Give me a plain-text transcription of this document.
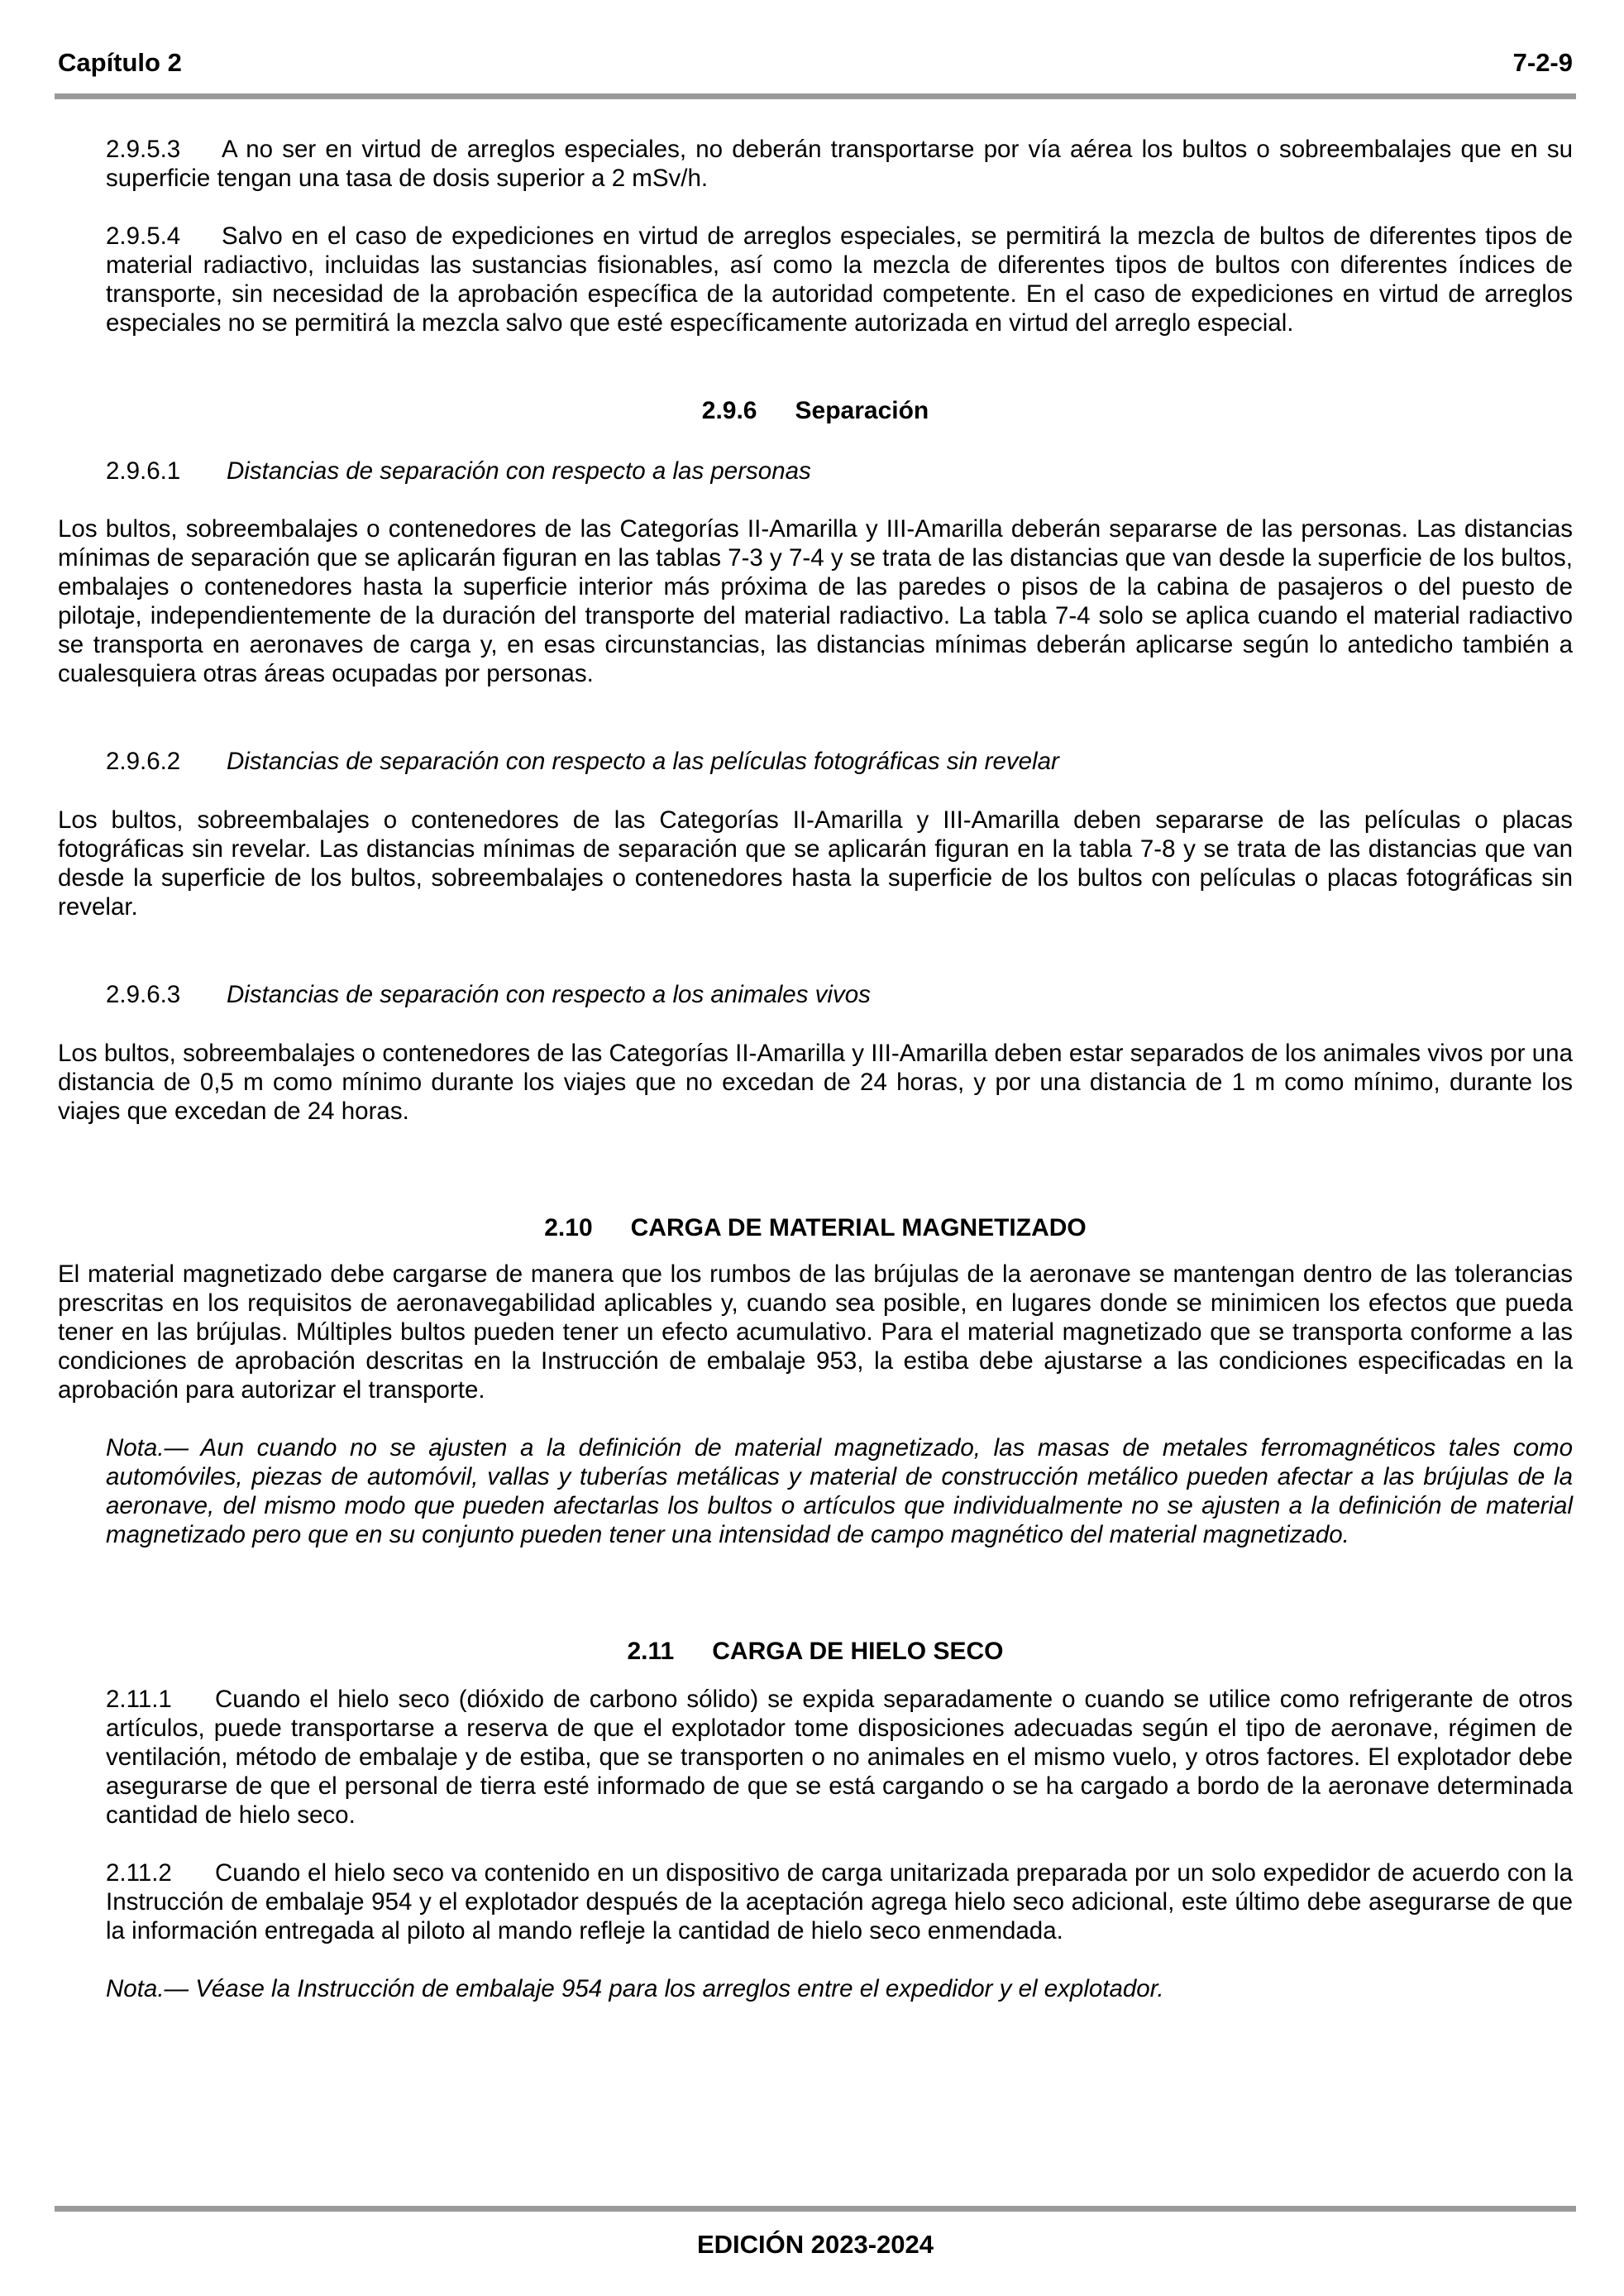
Capítulo 2	7-2-9

2.9.5.3 A no ser en virtud de arreglos especiales, no deberán transportarse por vía aérea los bultos o sobreembalajes que en su superficie tengan una tasa de dosis superior a 2 mSv/h.

2.9.5.4 Salvo en el caso de expediciones en virtud de arreglos especiales, se permitirá la mezcla de bultos de diferentes tipos de material radiactivo, incluidas las sustancias fisionables, así como la mezcla de diferentes tipos de bultos con diferentes índices de transporte, sin necesidad de la aprobación específica de la autoridad competente. En el caso de expediciones en virtud de arreglos especiales no se permitirá la mezcla salvo que esté específicamente autorizada en virtud del arreglo especial.

2.9.6 Separación
2.9.6.1 Distancias de separación con respecto a las personas

Los bultos, sobreembalajes o contenedores de las Categorías II-Amarilla y III-Amarilla deberán separarse de las personas. Las distancias mínimas de separación que se aplicarán figuran en las tablas 7-3 y 7-4 y se trata de las distancias que van desde la superficie de los bultos, embalajes o contenedores hasta la superficie interior más próxima de las paredes o pisos de la cabina de pasajeros o del puesto de pilotaje, independientemente de la duración del transporte del material radiactivo. La tabla 7-4 solo se aplica cuando el material radiactivo se transporta en aeronaves de carga y, en esas circunstancias, las distancias mínimas deberán aplicarse según lo antedicho también a cualesquiera otras áreas ocupadas por personas.

2.9.6.2 Distancias de separación con respecto a las películas fotográficas sin revelar

Los bultos, sobreembalajes o contenedores de las Categorías II-Amarilla y III-Amarilla deben separarse de las películas o placas fotográficas sin revelar. Las distancias mínimas de separación que se aplicarán figuran en la tabla 7-8 y se trata de las distancias que van desde la superficie de los bultos, sobreembalajes o contenedores hasta la superficie de los bultos con películas o placas fotográficas sin revelar.

2.9.6.3 Distancias de separación con respecto a los animales vivos

Los bultos, sobreembalajes o contenedores de las Categorías II-Amarilla y III-Amarilla deben estar separados de los animales vivos por una distancia de 0,5 m como mínimo durante los viajes que no excedan de 24 horas, y por una distancia de 1 m como mínimo, durante los viajes que excedan de 24 horas.

2.10 CARGA DE MATERIAL MAGNETIZADO

El material magnetizado debe cargarse de manera que los rumbos de las brújulas de la aeronave se mantengan dentro de las tolerancias prescritas en los requisitos de aeronavegabilidad aplicables y, cuando sea posible, en lugares donde se minimicen los efectos que pueda tener en las brújulas. Múltiples bultos pueden tener un efecto acumulativo. Para el material magnetizado que se transporta conforme a las condiciones de aprobación descritas en la Instrucción de embalaje 953, la estiba debe ajustarse a las condiciones especificadas en la aprobación para autorizar el transporte.

Nota.— Aun cuando no se ajusten a la definición de material magnetizado, las masas de metales ferromagnéticos tales como automóviles, piezas de automóvil, vallas y tuberías metálicas y material de construcción metálico pueden afectar a las brújulas de la aeronave, del mismo modo que pueden afectarlas los bultos o artículos que individualmente no se ajusten a la definición de material magnetizado pero que en su conjunto pueden tener una intensidad de campo magnético del material magnetizado.

2.11 CARGA DE HIELO SECO

2.11.1 Cuando el hielo seco (dióxido de carbono sólido) se expida separadamente o cuando se utilice como refrigerante de otros artículos, puede transportarse a reserva de que el explotador tome disposiciones adecuadas según el tipo de aeronave, régimen de ventilación, método de embalaje y de estiba, que se transporten o no animales en el mismo vuelo, y otros factores. El explotador debe asegurarse de que el personal de tierra esté informado de que se está cargando o se ha cargado a bordo de la aeronave determinada cantidad de hielo seco.

2.11.2 Cuando el hielo seco va contenido en un dispositivo de carga unitarizada preparada por un solo expedidor de acuerdo con la Instrucción de embalaje 954 y el explotador después de la aceptación agrega hielo seco adicional, este último debe asegurarse de que la información entregada al piloto al mando refleje la cantidad de hielo seco enmendada.

Nota.— Véase la Instrucción de embalaje 954 para los arreglos entre el expedidor y el explotador.

EDICIÓN 2023-2024
